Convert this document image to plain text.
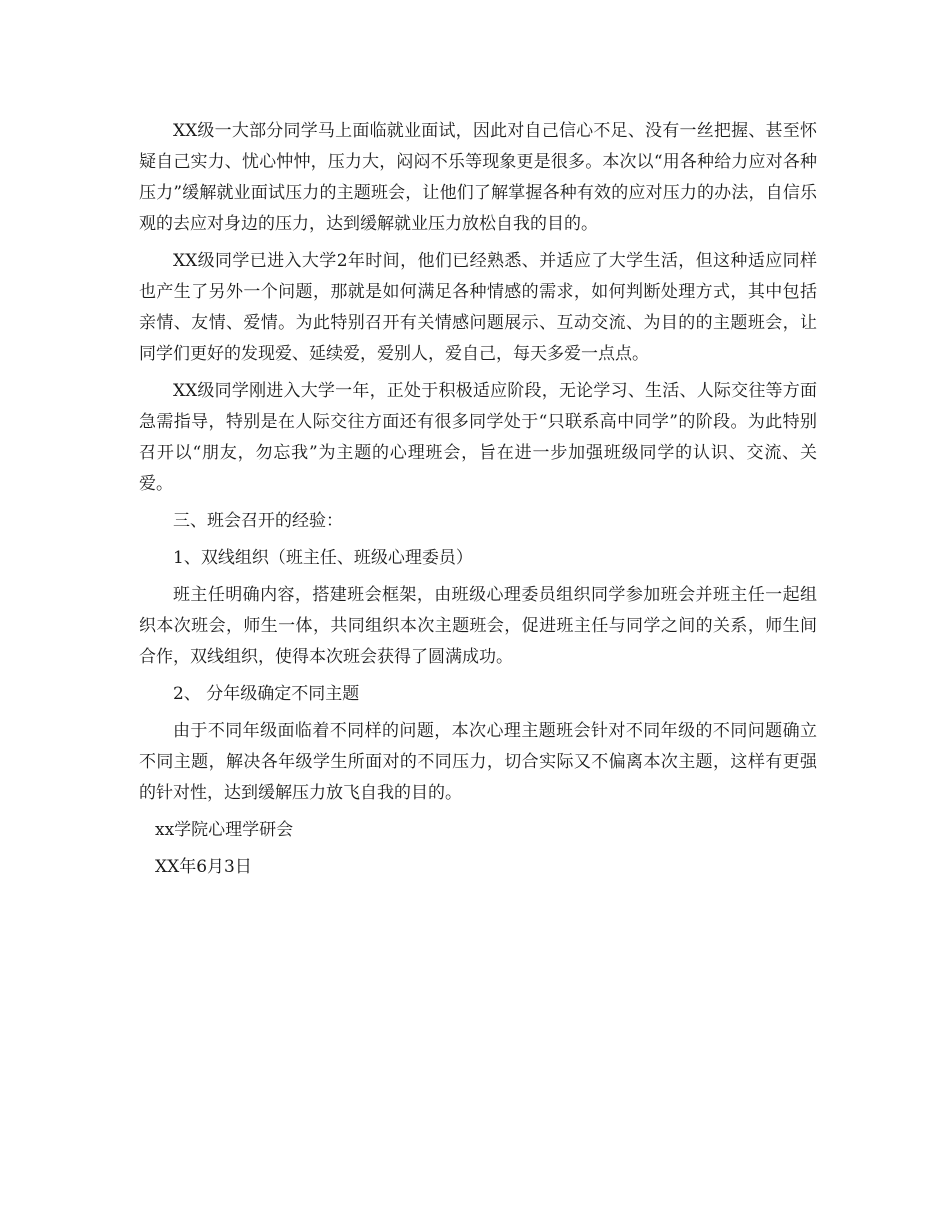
XX级一大部分同学马上面临就业面试，因此对自己信心不足、没有一丝把握、甚至怀疑自己实力、忧心忡忡，压力大，闷闷不乐等现象更是很多。本次以“用各种给力应对各种压力”缓解就业面试压力的主题班会，让他们了解掌握各种有效的应对压力的办法，自信乐观的去应对身边的压力，达到缓解就业压力放松自我的目的。

XX级同学已进入大学2年时间，他们已经熟悉、并适应了大学生活，但这种适应同样也产生了另外一个问题，那就是如何满足各种情感的需求，如何判断处理方式，其中包括亲情、友情、爱情。为此特别召开有关情感问题展示、互动交流、为目的的主题班会，让同学们更好的发现爱、延续爱，爱别人，爱自己，每天多爱一点点。

XX级同学刚进入大学一年，正处于积极适应阶段，无论学习、生活、人际交往等方面急需指导，特别是在人际交往方面还有很多同学处于“只联系高中同学”的阶段。为此特别召开以“朋友，勿忘我”为主题的心理班会，旨在进一步加强班级同学的认识、交流、关爱。

三、班会召开的经验：

1、双线组织（班主任、班级心理委员）

班主任明确内容，搭建班会框架，由班级心理委员组织同学参加班会并班主任一起组织本次班会，师生一体，共同组织本次主题班会，促进班主任与同学之间的关系，师生间合作，双线组织，使得本次班会获得了圆满成功。

2、 分年级确定不同主题

由于不同年级面临着不同样的问题，本次心理主题班会针对不同年级的不同问题确立不同主题，解决各年级学生所面对的不同压力，切合实际又不偏离本次主题，这样有更强的针对性，达到缓解压力放飞自我的目的。

xx学院心理学研会

XX年6月3日
